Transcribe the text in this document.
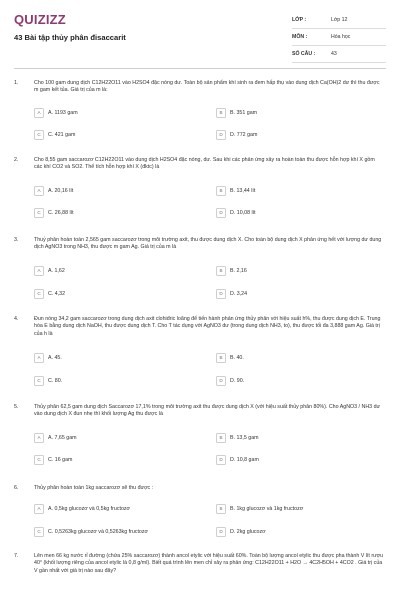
QUIZIZZ
43 Bài tập thủy phân đisaccarit
LỚP :	Lớp 12
MÔN :	Hóa học
SỐ CÂU :	43
1.	Cho 100 gam dung dịch C12H22O11 vào H2SO4 đặc nóng dư. Toàn bộ sản phẩm khí sinh ra đem hấp thụ vào dung dịch Ca(OH)2 dư thì thu được m gam kết tủa. Giá trị của m là:
A A. 1193 gam	B B. 351 gam
C C. 421 gam	D D. 772 gam
2.	Cho 8,55 gam saccarozơ C12H22O11 vào dung dịch H2SO4 đặc nóng, dư. Sau khi các phản ứng xảy ra hoàn toàn thu được hỗn hợp khí X gồm các khí CO2 và SO2. Thể tích hỗn hợp khí X (đktc) là
A A. 20,16 lít	B B. 13,44 lít
C C. 26,88 lít	D D. 10,08 lít
3.	Thuỷ phân hoàn toàn 2,565 gam saccarozơ trong môi trường axit, thu được dung dịch X. Cho toàn bộ dung dịch X phản ứng hết với lượng dư dung dịch AgNO3 trong NH3, thu được m gam Ag. Giá trị của m là
A A. 1,62	B B. 2,16
C C. 4,32	D D. 3,24
4.	Đun nóng 34,2 gam saccarozơ trong dung dịch axit clohiđric loãng để tiến hành phản ứng thủy phân với hiệu suất h%, thu được dung dịch E. Trung hòa E bằng dung dịch NaOH, thu được dung dịch T. Cho T tác dụng với AgNO3 dư (trong dung dịch NH3, to), thu được tối đa 3,888 gam Ag. Giá trị của h là
A A. 45.	B B. 40.
C C. 80.	D D. 90.
5.	Thủy phân 62,5 gam dung dịch Saccarozơ 17,1% trong môi trường axit thu được dung dịch X (với hiệu suất thủy phân 80%). Cho AgNO3 / NH3 dư vào dung dịch X đun nhẹ thì khối lượng Ag thu được là
A A. 7,65 gam	B B. 13,5 gam
C C. 16 gam	D D. 10,8 gam
6.	Thủy phân hoàn toàn 1kg saccarozơ sẽ thu được :
A A. 0,5kg glucozơ và 0,5kg fructozơ	B B. 1kg glucozơ và 1kg fructozơ
C C. 0,5263kg glucozơ và 0,5263kg fructozơ	D D. 2kg glucozơ
7.	Lên men 66 kg nước rỉ đường (chứa 25% saccarozơ) thành ancol etylic với hiệu suất 60%. Toàn bộ lượng ancol etylic thu được pha thành V lít rượu 40° (khối lượng riêng của ancol etylic là 0,8 g/ml). Biết quá trình lên men chỉ xảy ra phản ứng: C12H22O11 + H2O → 4C2H5OH + 4CO2 . Giá trị của V gần nhất với giá trị nào sau đây?
